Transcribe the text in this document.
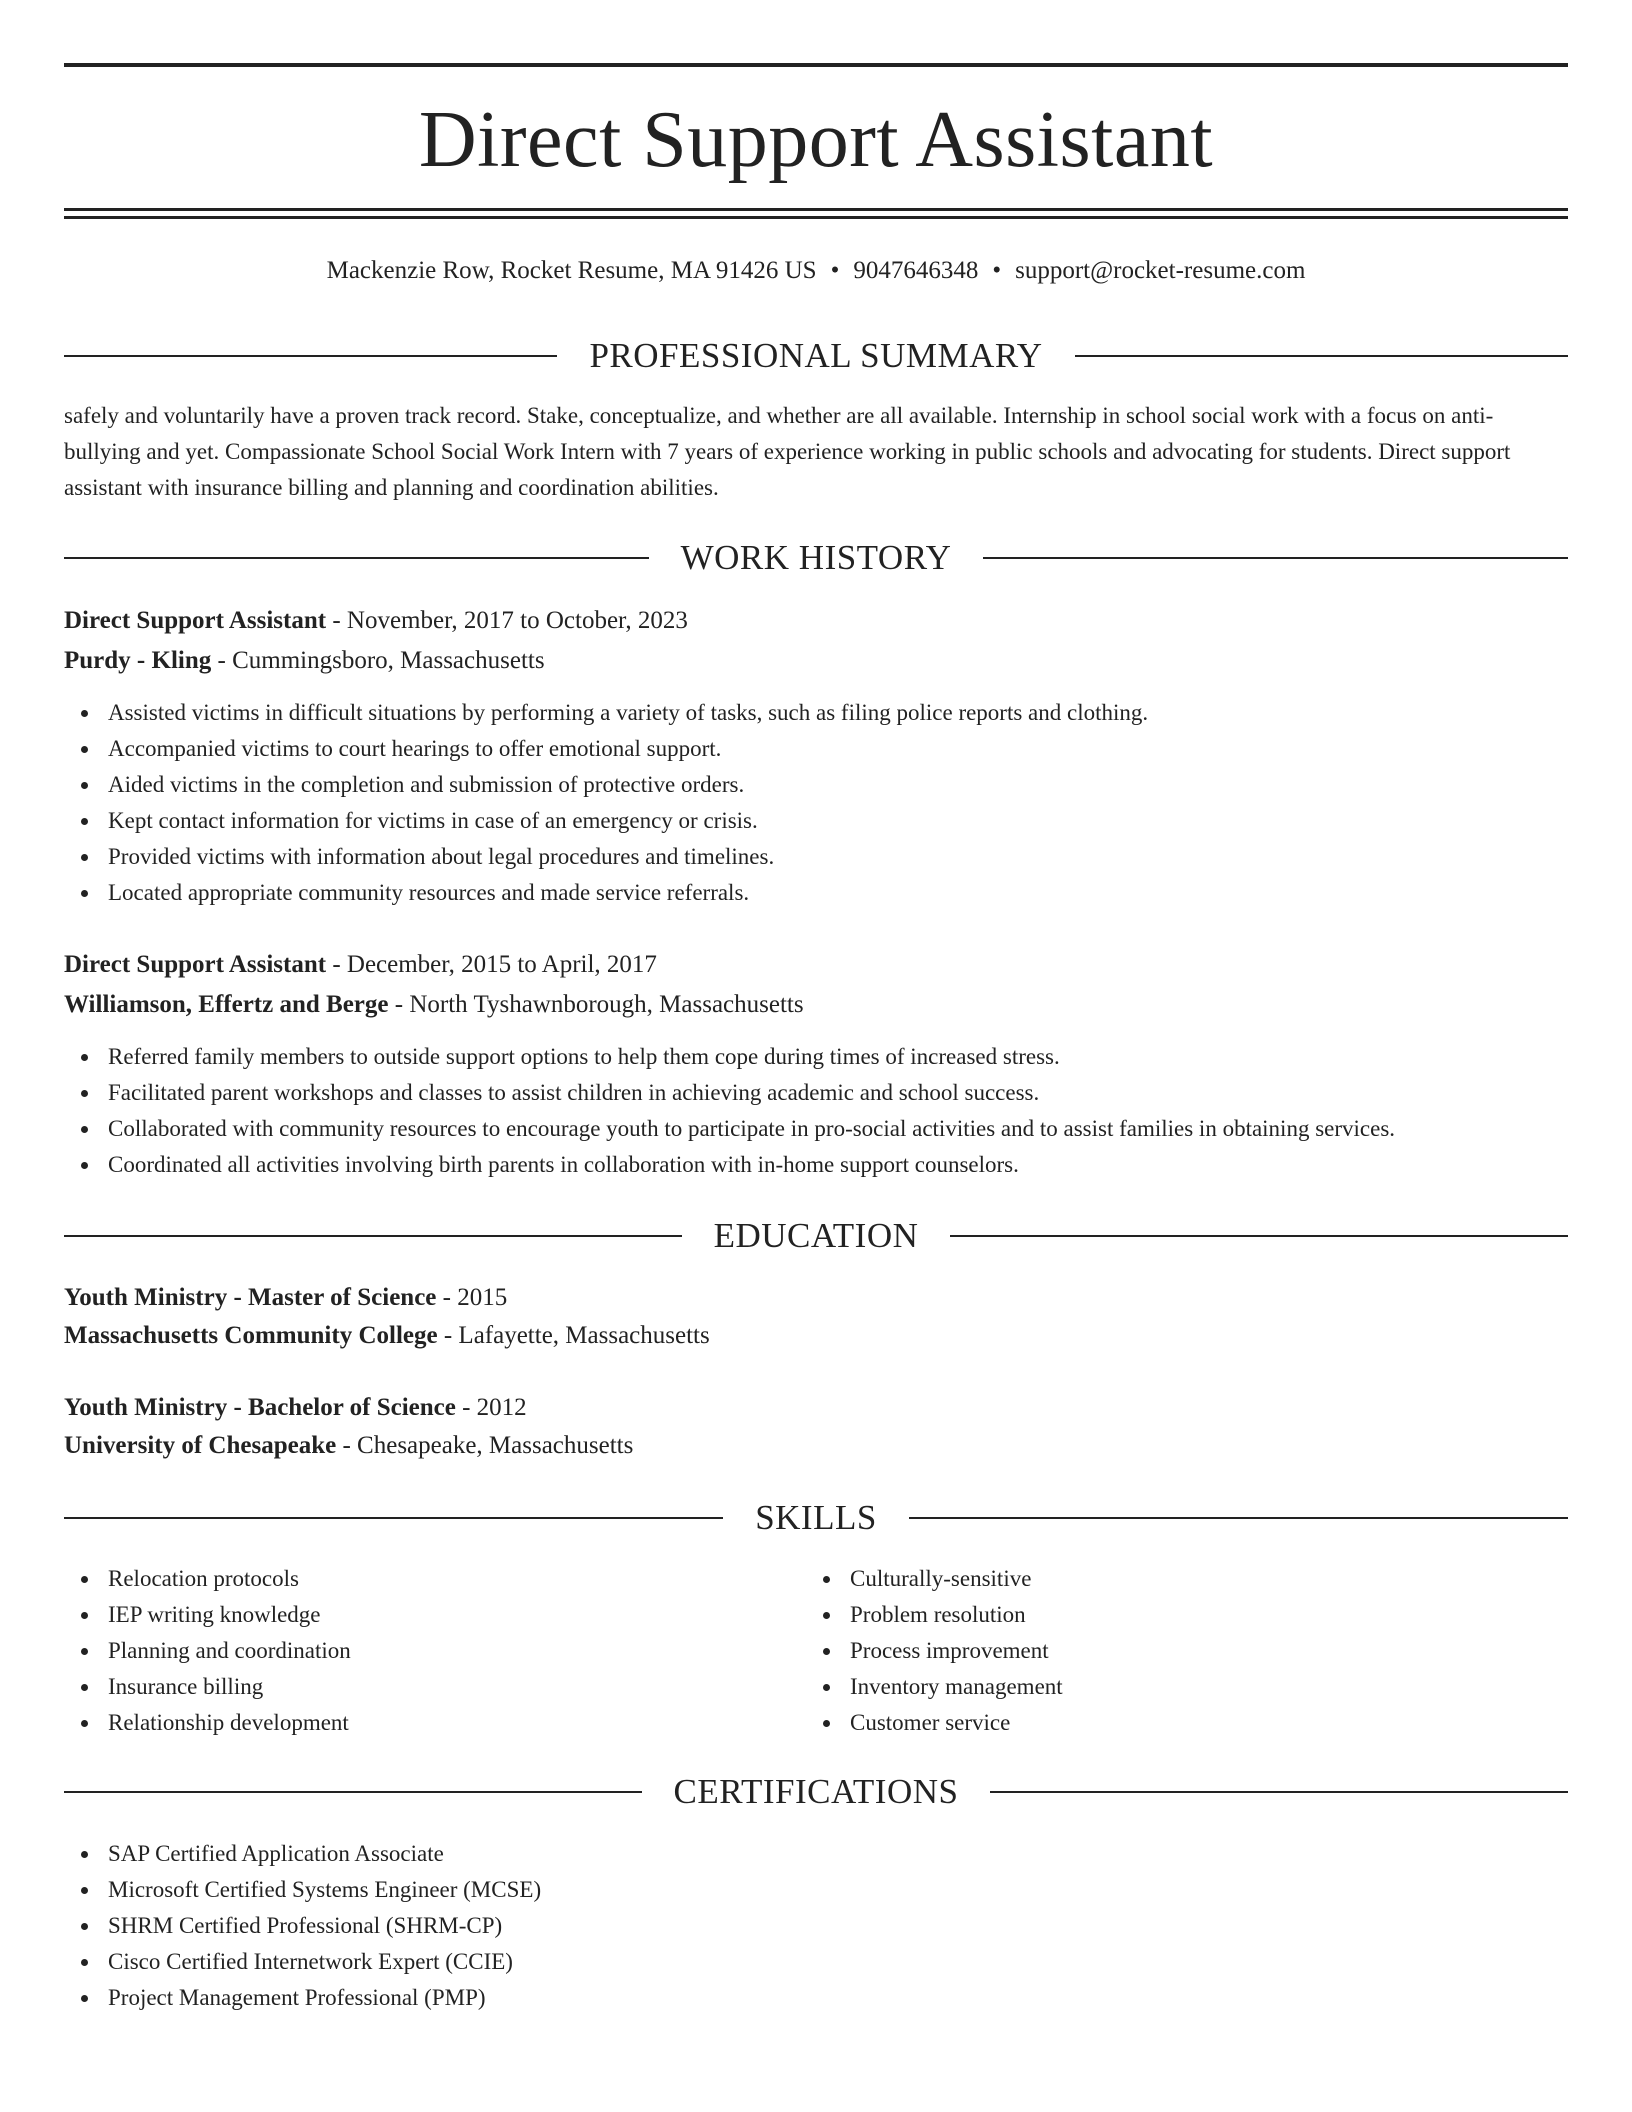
Direct Support Assistant
Mackenzie Row, Rocket Resume, MA 91426 US • 9047646348 • support@rocket-resume.com
PROFESSIONAL SUMMARY
safely and voluntarily have a proven track record. Stake, conceptualize, and whether are all available. Internship in school social work with a focus on anti-bullying and yet. Compassionate School Social Work Intern with 7 years of experience working in public schools and advocating for students. Direct support assistant with insurance billing and planning and coordination abilities.
WORK HISTORY
Direct Support Assistant - November, 2017 to October, 2023
Purdy - Kling - Cummingsboro, Massachusetts
Assisted victims in difficult situations by performing a variety of tasks, such as filing police reports and clothing.
Accompanied victims to court hearings to offer emotional support.
Aided victims in the completion and submission of protective orders.
Kept contact information for victims in case of an emergency or crisis.
Provided victims with information about legal procedures and timelines.
Located appropriate community resources and made service referrals.
Direct Support Assistant - December, 2015 to April, 2017
Williamson, Effertz and Berge - North Tyshawnborough, Massachusetts
Referred family members to outside support options to help them cope during times of increased stress.
Facilitated parent workshops and classes to assist children in achieving academic and school success.
Collaborated with community resources to encourage youth to participate in pro-social activities and to assist families in obtaining services.
Coordinated all activities involving birth parents in collaboration with in-home support counselors.
EDUCATION
Youth Ministry - Master of Science - 2015
Massachusetts Community College - Lafayette, Massachusetts
Youth Ministry - Bachelor of Science - 2012
University of Chesapeake - Chesapeake, Massachusetts
SKILLS
Relocation protocols
IEP writing knowledge
Planning and coordination
Insurance billing
Relationship development
Culturally-sensitive
Problem resolution
Process improvement
Inventory management
Customer service
CERTIFICATIONS
SAP Certified Application Associate
Microsoft Certified Systems Engineer (MCSE)
SHRM Certified Professional (SHRM-CP)
Cisco Certified Internetwork Expert (CCIE)
Project Management Professional (PMP)
